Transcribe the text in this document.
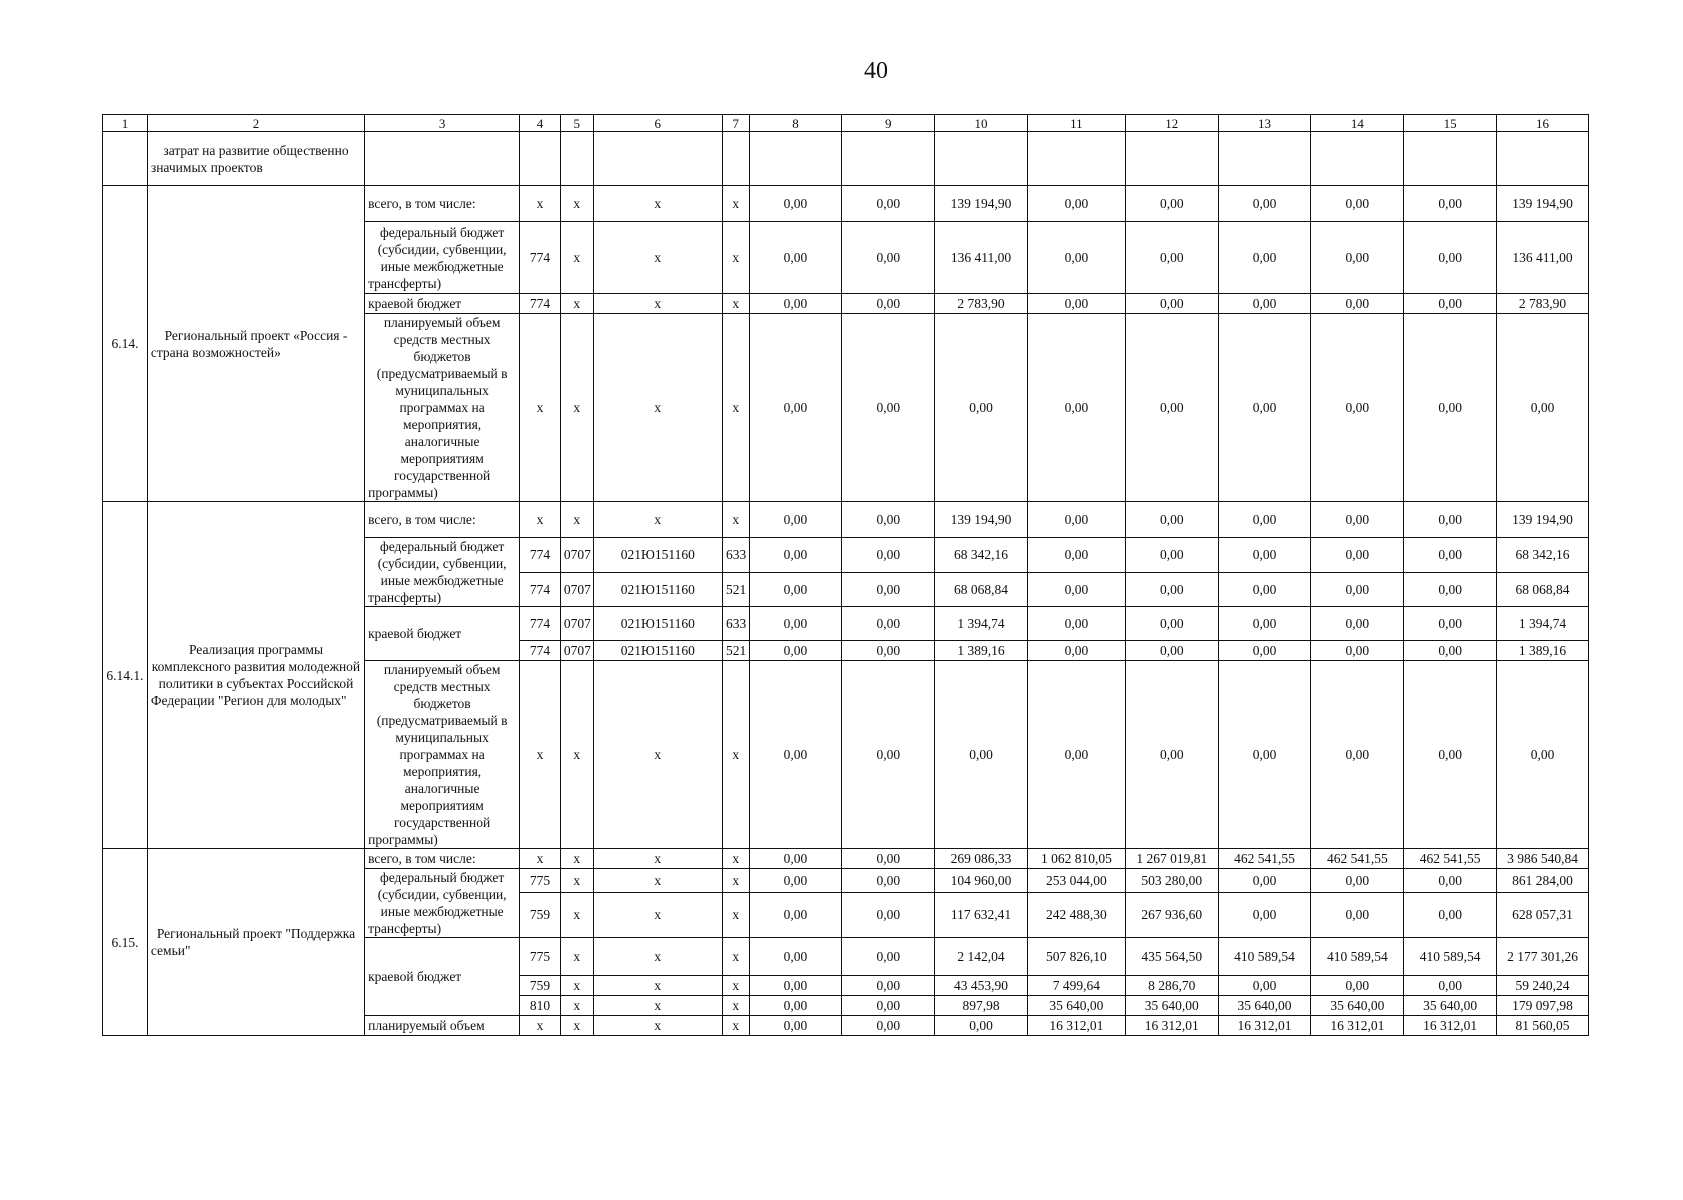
40
1	2	3	4	5	6	7	8	9	10	11	12	13	14	15	16
	затрат на развитие общественно значимых проектов														
6.14.	Региональный проект «Россия - страна возможностей»	всего, в том числе:	x	x	x	x	0,00	0,00	139 194,90	0,00	0,00	0,00	0,00	0,00	139 194,90
		федеральный бюджет (субсидии, субвенции, иные межбюджетные трансферты)	774	x	x	x	0,00	0,00	136 411,00	0,00	0,00	0,00	0,00	0,00	136 411,00
		краевой бюджет	774	x	x	x	0,00	0,00	2 783,90	0,00	0,00	0,00	0,00	0,00	2 783,90
		планируемый объем средств местных бюджетов (предусматриваемый в муниципальных программах на мероприятия, аналогичные мероприятиям государственной программы)	x	x	x	x	0,00	0,00	0,00	0,00	0,00	0,00	0,00	0,00	0,00
6.14.1.	Реализация программы комплексного развития молодежной политики в субъектах Российской Федерации "Регион для молодых"	всего, в том числе:	x	x	x	x	0,00	0,00	139 194,90	0,00	0,00	0,00	0,00	0,00	139 194,90
		федеральный бюджет (субсидии, субвенции, иные межбюджетные трансферты)	774	0707	021Ю151160	633	0,00	0,00	68 342,16	0,00	0,00	0,00	0,00	0,00	68 342,16
			774	0707	021Ю151160	521	0,00	0,00	68 068,84	0,00	0,00	0,00	0,00	0,00	68 068,84
		краевой бюджет	774	0707	021Ю151160	633	0,00	0,00	1 394,74	0,00	0,00	0,00	0,00	0,00	1 394,74
			774	0707	021Ю151160	521	0,00	0,00	1 389,16	0,00	0,00	0,00	0,00	0,00	1 389,16
		планируемый объем средств местных бюджетов (предусматриваемый в муниципальных программах на мероприятия, аналогичные мероприятиям государственной программы)	x	x	x	x	0,00	0,00	0,00	0,00	0,00	0,00	0,00	0,00	0,00
6.15.	Региональный проект "Поддержка семьи"	всего, в том числе:	x	x	x	x	0,00	0,00	269 086,33	1 062 810,05	1 267 019,81	462 541,55	462 541,55	462 541,55	3 986 540,84
		федеральный бюджет (субсидии, субвенции, иные межбюджетные трансферты)	775	x	x	x	0,00	0,00	104 960,00	253 044,00	503 280,00	0,00	0,00	0,00	861 284,00
			759	x	x	x	0,00	0,00	117 632,41	242 488,30	267 936,60	0,00	0,00	0,00	628 057,31
		краевой бюджет	775	x	x	x	0,00	0,00	2 142,04	507 826,10	435 564,50	410 589,54	410 589,54	410 589,54	2 177 301,26
			759	x	x	x	0,00	0,00	43 453,90	7 499,64	8 286,70	0,00	0,00	0,00	59 240,24
			810	x	x	x	0,00	0,00	897,98	35 640,00	35 640,00	35 640,00	35 640,00	35 640,00	179 097,98
		планируемый объем	x	x	x	x	0,00	0,00	0,00	16 312,01	16 312,01	16 312,01	16 312,01	16 312,01	81 560,05
